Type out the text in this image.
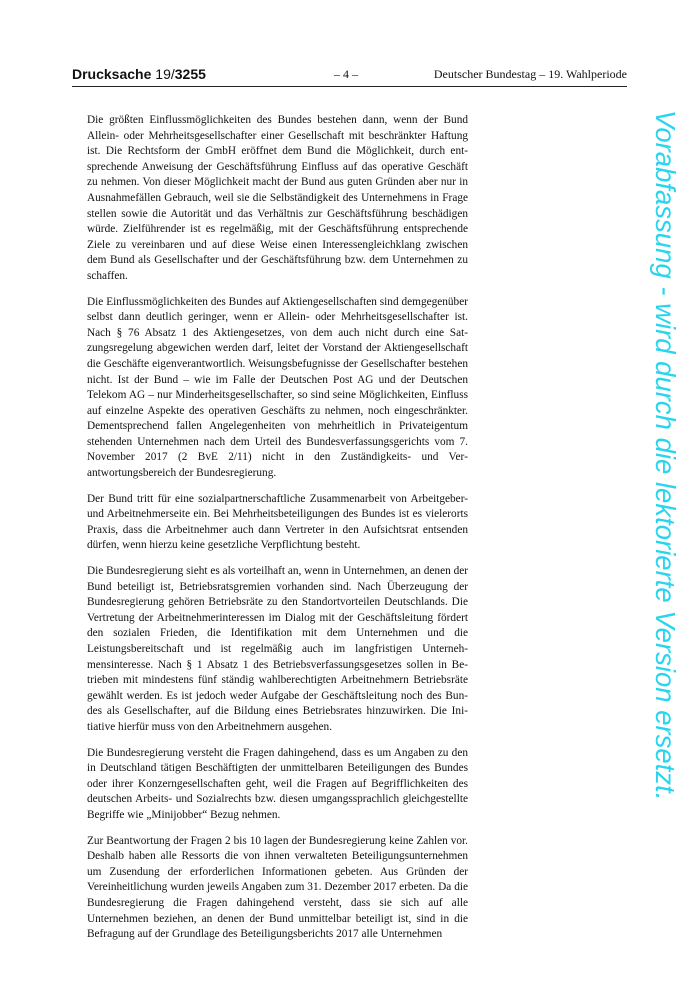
Drucksache 19/3255	– 4 –	Deutscher Bundestag – 19. Wahlperiode

Die größten Einflussmöglichkeiten des Bundes bestehen dann, wenn der Bund Allein- oder Mehrheitsgesellschafter einer Gesellschaft mit beschränkter Haftung ist. Die Rechtsform der GmbH eröffnet dem Bund die Möglichkeit, durch entsprechende Anweisung der Geschäftsführung Einfluss auf das operative Geschäft zu nehmen. Von dieser Möglichkeit macht der Bund aus guten Gründen aber nur in Ausnahmefällen Gebrauch, weil sie die Selbständigkeit des Unternehmens in Frage stellen sowie die Autorität und das Verhältnis zur Geschäftsführung beschädigen würde. Zielführender ist es regelmäßig, mit der Geschäftsführung entsprechende Ziele zu vereinbaren und auf diese Weise einen Interessengleichklang zwischen dem Bund als Gesellschafter und der Geschäftsführung bzw. dem Unternehmen zu schaffen.

Die Einflussmöglichkeiten des Bundes auf Aktiengesellschaften sind demgegenüber selbst dann deutlich geringer, wenn er Allein- oder Mehrheitsgesellschafter ist. Nach § 76 Absatz 1 des Aktiengesetzes, von dem auch nicht durch eine Satzungsregelung abgewichen werden darf, leitet der Vorstand der Aktiengesellschaft die Geschäfte eigenverantwortlich. Weisungsbefugnisse der Gesellschafter bestehen nicht. Ist der Bund – wie im Falle der Deutschen Post AG und der Deutschen Telekom AG – nur Minderheitsgesellschafter, so sind seine Möglichkeiten, Einfluss auf einzelne Aspekte des operativen Geschäfts zu nehmen, noch eingeschränkter. Dementsprechend fallen Angelegenheiten von mehrheitlich in Privateigentum stehenden Unternehmen nach dem Urteil des Bundesverfassungsgerichts vom 7. November 2017 (2 BvE 2/11) nicht in den Zuständigkeits- und Verantwortungsbereich der Bundesregierung.

Der Bund tritt für eine sozialpartnerschaftliche Zusammenarbeit von Arbeitgeber- und Arbeitnehmerseite ein. Bei Mehrheitsbeteiligungen des Bundes ist es vielerorts Praxis, dass die Arbeitnehmer auch dann Vertreter in den Aufsichtsrat entsenden dürfen, wenn hierzu keine gesetzliche Verpflichtung besteht.

Die Bundesregierung sieht es als vorteilhaft an, wenn in Unternehmen, an denen der Bund beteiligt ist, Betriebsratsgremien vorhanden sind. Nach Überzeugung der Bundesregierung gehören Betriebsräte zu den Standortvorteilen Deutschlands. Die Vertretung der Arbeitnehmerinteressen im Dialog mit der Geschäftsleitung fördert den sozialen Frieden, die Identifikation mit dem Unternehmen und die Leistungsbereitschaft und ist regelmäßig auch im langfristigen Unternehmensinteresse. Nach § 1 Absatz 1 des Betriebsverfassungsgesetzes sollen in Betrieben mit mindestens fünf ständig wahlberechtigten Arbeitnehmern Betriebsräte gewählt werden. Es ist jedoch weder Aufgabe der Geschäftsleitung noch des Bundes als Gesellschafter, auf die Bildung eines Betriebsrates hinzuwirken. Die Initiative hierfür muss von den Arbeitnehmern ausgehen.

Die Bundesregierung versteht die Fragen dahingehend, dass es um Angaben zu den in Deutschland tätigen Beschäftigten der unmittelbaren Beteiligungen des Bundes oder ihrer Konzerngesellschaften geht, weil die Fragen auf Begrifflichkeiten des deutschen Arbeits- und Sozialrechts bzw. diesen umgangssprachlich gleichgestellte Begriffe wie „Minijobber“ Bezug nehmen.

Zur Beantwortung der Fragen 2 bis 10 lagen der Bundesregierung keine Zahlen vor. Deshalb haben alle Ressorts die von ihnen verwalteten Beteiligungsunternehmen um Zusendung der erforderlichen Informationen gebeten. Aus Gründen der Vereinheitlichung wurden jeweils Angaben zum 31. Dezember 2017 erbeten. Da die Bundesregierung die Fragen dahingehend versteht, dass sie sich auf alle Unternehmen beziehen, an denen der Bund unmittelbar beteiligt ist, sind in die Befragung auf der Grundlage des Beteiligungsberichts 2017 alle Unternehmen

Vorabfassung - wird durch die lektorierte Version ersetzt.
